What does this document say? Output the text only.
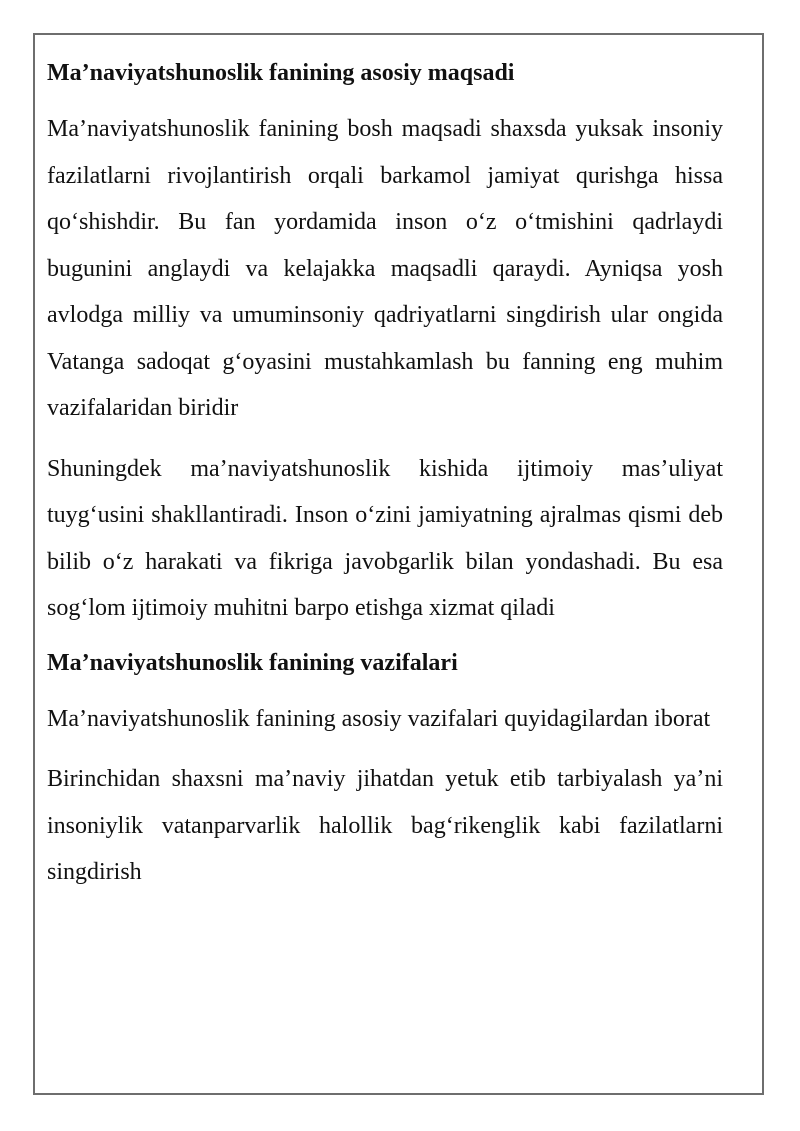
Ma’naviyatshunoslik fanining asosiy maqsadi

Ma’naviyatshunoslik fanining bosh maqsadi shaxsda yuksak insoniy fazilatlarni rivojlantirish orqali barkamol jamiyat qurishga hissa qo‘shishdir. Bu fan yordamida inson o‘z o‘tmishini qadrlaydi bugunini anglaydi va kelajakka maqsadli qaraydi. Ayniqsa yosh avlodga milliy va umuminsoniy qadriyatlarni singdirish ular ongida Vatanga sadoqat g‘oyasini mustahkamlash bu fanning eng muhim vazifalaridan biridir

Shuningdek ma’naviyatshunoslik kishida ijtimoiy mas’uliyat tuyg‘usini shakllantiradi. Inson o‘zini jamiyatning ajralmas qismi deb bilib o‘z harakati va fikriga javobgarlik bilan yondashadi. Bu esa sog‘lom ijtimoiy muhitni barpo etishga xizmat qiladi

Ma’naviyatshunoslik fanining vazifalari

Ma’naviyatshunoslik fanining asosiy vazifalari quyidagilardan iborat

Birinchidan shaxsni ma’naviy jihatdan yetuk etib tarbiyalash ya’ni insoniylik vatanparvarlik halollik bag‘rikenglik kabi fazilatlarni singdirish
